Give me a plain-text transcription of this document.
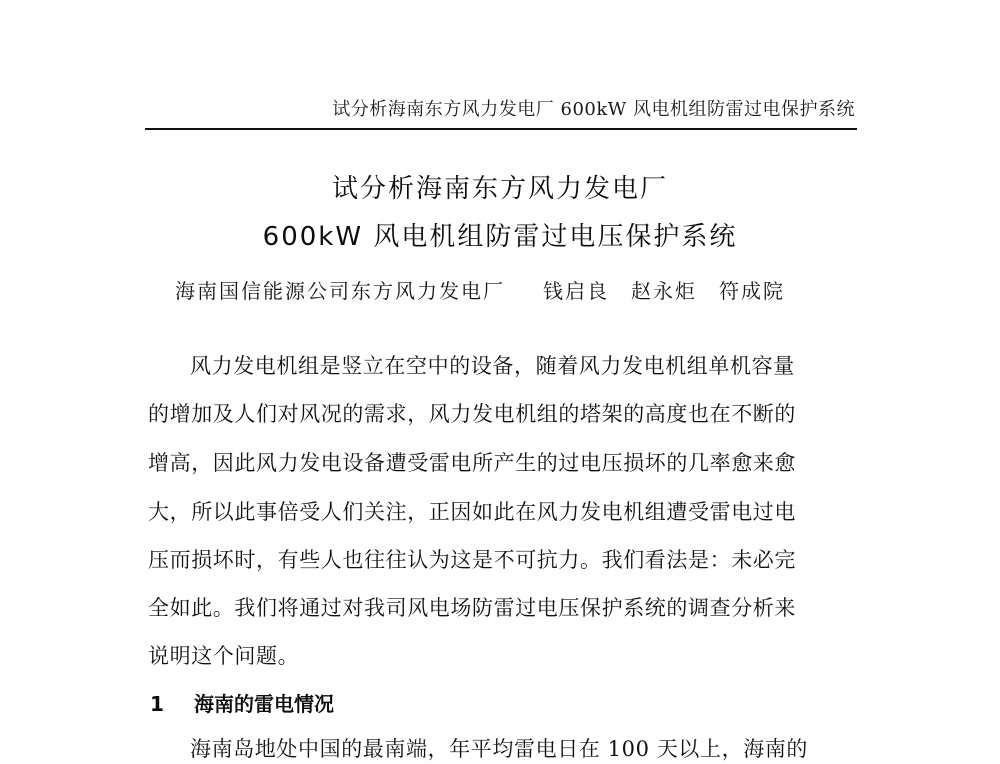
试分析海南东方风力发电厂 600kW 风电机组防雷过电保护系统
试分析海南东方风力发电厂
600kW 风电机组防雷过电压保护系统
海南国信能源公司东方风力发电厂 钱启良 赵永炬 符成院
风力发电机组是竖立在空中的设备，随着风力发电机组单机容量
的增加及人们对风况的需求，风力发电机组的塔架的高度也在不断的
增高，因此风力发电设备遭受雷电所产生的过电压损坏的几率愈来愈
大，所以此事倍受人们关注，正因如此在风力发电机组遭受雷电过电
压而损坏时，有些人也往往认为这是不可抗力。我们看法是：未必完
全如此。我们将通过对我司风电场防雷过电压保护系统的调查分析来
说明这个问题。
1 海南的雷电情况
海南岛地处中国的最南端，年平均雷电日在 100 天以上，海南的
